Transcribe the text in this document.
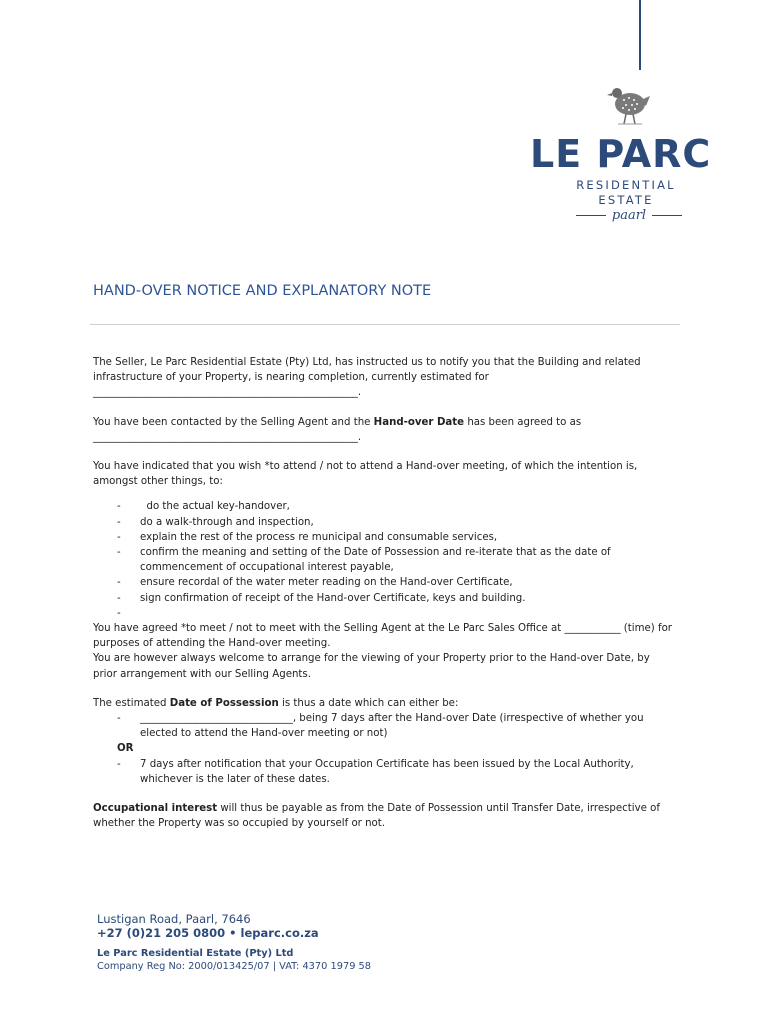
LE PARC
RESIDENTIAL
ESTATE
paarl
HAND-OVER NOTICE AND EXPLANATORY NOTE

The Seller, Le Parc Residential Estate (Pty) Ltd, has instructed us to notify you that the Building and related infrastructure of your Property, is nearing completion, currently estimated for
____________________________________________________.

You have been contacted by the Selling Agent and the Hand-over Date has been agreed to as
____________________________________________________.

You have indicated that you wish *to attend / not to attend a Hand-over meeting, of which the intention is, amongst other things, to:

- do the actual key-handover,
- do a walk-through and inspection,
- explain the rest of the process re municipal and consumable services,
- confirm the meaning and setting of the Date of Possession and re-iterate that as the date of commencement of occupational interest payable,
- ensure recordal of the water meter reading on the Hand-over Certificate,
- sign confirmation of receipt of the Hand-over Certificate, keys and building.
-

You have agreed *to meet / not to meet with the Selling Agent at the Le Parc Sales Office at ___________ (time) for purposes of attending the Hand-over meeting.

You are however always welcome to arrange for the viewing of your Property prior to the Hand-over Date, by prior arrangement with our Selling Agents.

The estimated Date of Possession is thus a date which can either be:

- ______________________________, being 7 days after the Hand-over Date (irrespective of whether you elected to attend the Hand-over meeting or not)
OR
- 7 days after notification that your Occupation Certificate has been issued by the Local Authority, whichever is the later of these dates.

Occupational interest will thus be payable as from the Date of Possession until Transfer Date, irrespective of whether the Property was so occupied by yourself or not.

Lustigan Road, Paarl, 7646
+27 (0)21 205 0800 • leparc.co.za
Le Parc Residential Estate (Pty) Ltd
Company Reg No: 2000/013425/07 | VAT: 4370 1979 58
